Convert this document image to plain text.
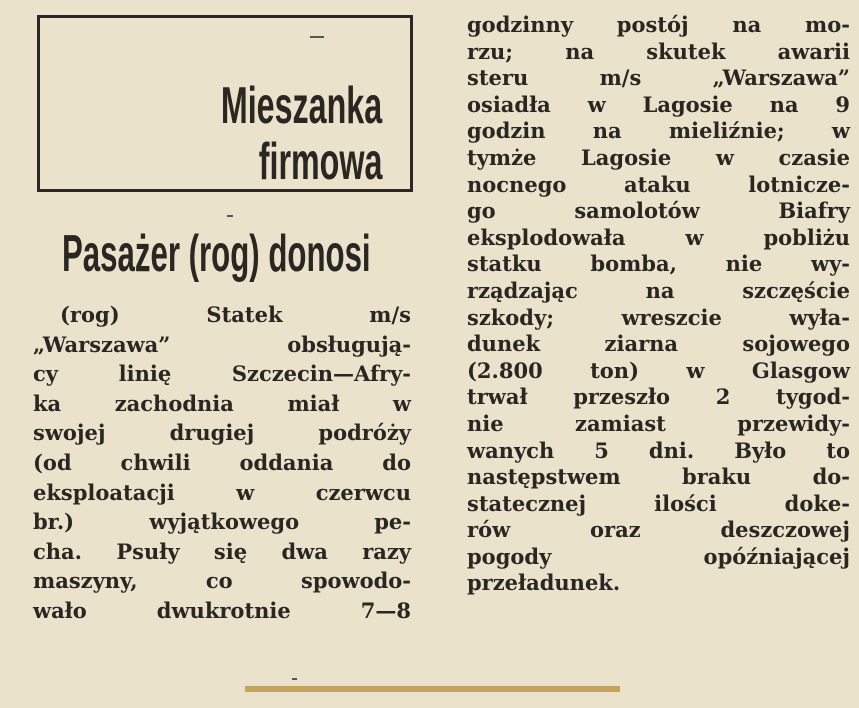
Mieszanka
firmowa
Pasażer (rog) donosi
(rog) Statek m/s
„Warszawa” obsługują-
cy linię Szczecin—Afry-
ka zachodnia miał w
swojej drugiej podróży
(od chwili oddania do
eksploatacji w czerwcu
br.) wyjątkowego pe-
cha. Psuły się dwa razy
maszyny, co spowodo-
wało dwukrotnie 7—8
godzinny postój na mo-
rzu; na skutek awarii
steru m/s „Warszawa”
osiadła w Lagosie na 9
godzin na mieliźnie; w
tymże Lagosie w czasie
nocnego ataku lotnicze-
go samolotów Biafry
eksplodowała w pobliżu
statku bomba, nie wy-
rządzając na szczęście
szkody; wreszcie wyła-
dunek ziarna sojowego
(2.800 ton) w Glasgow
trwał przeszło 2 tygod-
nie zamiast przewidy-
wanych 5 dni. Było to
następstwem braku do-
statecznej ilości doke-
rów oraz deszczowej
pogody opóźniającej
przeładunek.
